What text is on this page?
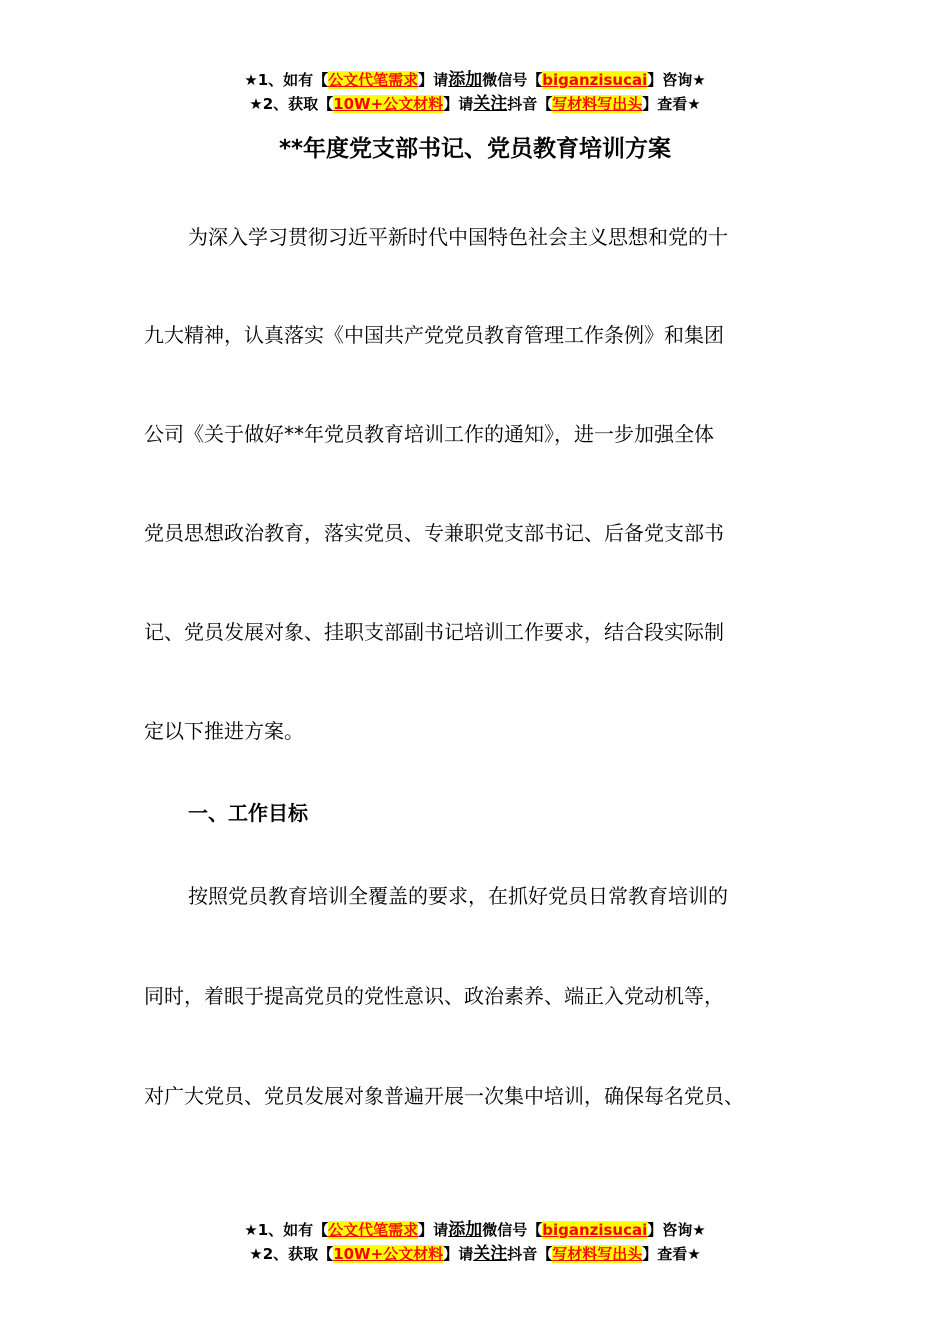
★1、如有【公文代笔需求】请添加微信号【biganzisucai】咨询★
★2、获取【10W+公文材料】请关注抖音【写材料写出头】查看★
**年度党支部书记、党员教育培训方案
为深入学习贯彻习近平新时代中国特色社会主义思想和党的十
九大精神，认真落实《中国共产党党员教育管理工作条例》和集团
公司《关于做好**年党员教育培训工作的通知》，进一步加强全体
党员思想政治教育，落实党员、专兼职党支部书记、后备党支部书
记、党员发展对象、挂职支部副书记培训工作要求，结合段实际制
定以下推进方案。
一、工作目标
按照党员教育培训全覆盖的要求，在抓好党员日常教育培训的
同时，着眼于提高党员的党性意识、政治素养、端正入党动机等，
对广大党员、党员发展对象普遍开展一次集中培训，确保每名党员、
★1、如有【公文代笔需求】请添加微信号【biganzisucai】咨询★
★2、获取【10W+公文材料】请关注抖音【写材料写出头】查看★
